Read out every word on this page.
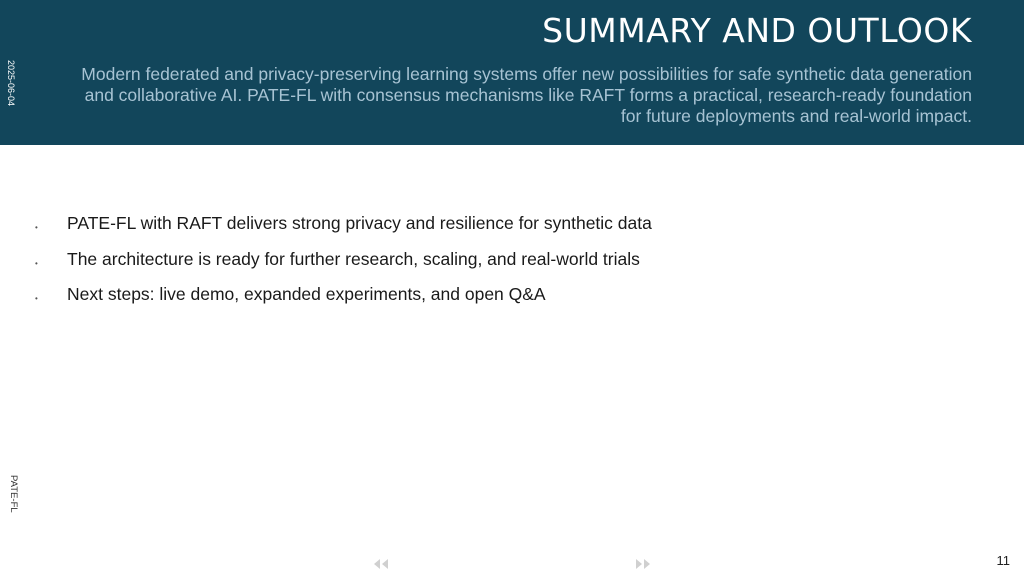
2025-06-04
SUMMARY AND OUTLOOK

Modern federated and privacy-preserving learning systems offer new possibilities for safe synthetic data generation and collaborative AI. PATE-FL with consensus mechanisms like RAFT forms a practical, research-ready foundation for future deployments and real-world impact.

• PATE-FL with RAFT delivers strong privacy and resilience for synthetic data
• The architecture is ready for further research, scaling, and real-world trials
• Next steps: live demo, expanded experiments, and open Q&A
PATE-FL
11
